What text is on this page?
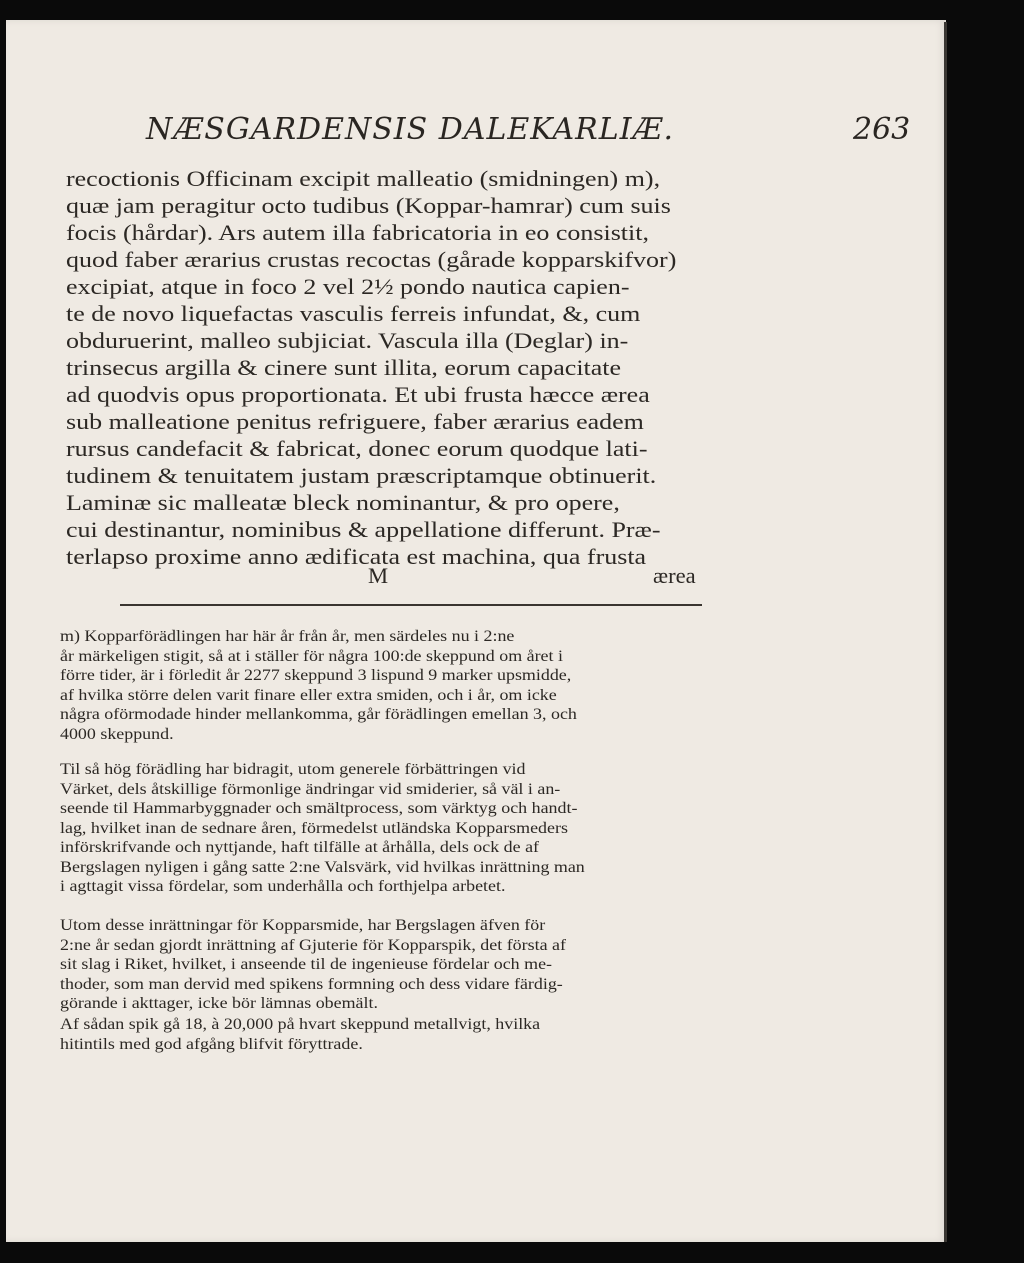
NÆSGARDENSIS DALEKARLIÆ.	263
recoctionis Officinam excipit malleatio (smidningen) m),
quæ jam peragitur octo tudibus (Koppar-hamrar) cum suis
focis (hårdar). Ars autem illa fabricatoria in eo consistit,
quod faber ærarius crustas recoctas (gårade kopparskifvor)
excipiat, atque in foco 2 vel 2½ pondo nautica capien-
te de novo liquefactas vasculis ferreis infundat, &, cum
obduruerint, malleo subjiciat. Vascula illa (Deglar) in-
trinsecus argilla & cinere sunt illita, eorum capacitate
ad quodvis opus proportionata. Et ubi frusta hæcce ærea
sub malleatione penitus refriguere, faber ærarius eadem
rursus candefacit & fabricat, donec eorum quodque lati-
tudinem & tenuitatem justam præscriptamque obtinuerit.
Laminæ sic malleatæ bleck nominantur, & pro opere,
cui destinantur, nominibus & appellatione differunt. Præ-
terlapso proxime anno ædificata est machina, qua frusta
M	ærea
m) Kopparförädlingen har här år från år, men särdeles nu i 2:ne
år märkeligen stigit, så at i ställer för några 100:de skeppund om året i
förre tider, är i förledit år 2277 skeppund 3 lispund 9 marker upsmidde,
af hvilka större delen varit finare eller extra smiden, och i år, om icke
några oförmodade hinder mellankomma, går förädlingen emellan 3, och
4000 skeppund.
Til så hög förädling har bidragit, utom generele förbättringen vid
Värket, dels åtskillige förmonlige ändringar vid smiderier, så väl i an-
seende til Hammarbyggnader och smältprocess, som värktyg och handt-
lag, hvilket inan de sednare åren, förmedelst utländska Kopparsmeders
införskrifvande och nyttjande, haft tilfälle at århålla, dels ock de af
Bergslagen nyligen i gång satte 2:ne Valsvärk, vid hvilkas inrättning man
i agttagit vissa fördelar, som underhålla och forthjelpa arbetet.
Utom desse inrättningar för Kopparsmide, har Bergslagen äfven för
2:ne år sedan gjordt inrättning af Gjuterie för Kopparspik, det första af
sit slag i Riket, hvilket, i anseende til de ingenieuse fördelar och me-
thoder, som man dervid med spikens formning och dess vidare färdig-
görande i akttager, icke bör lämnas obemält.
Af sådan spik gå 18, à 20,000 på hvart skeppund metallvigt, hvilka
hitintils med god afgång blifvit föryttrade.
